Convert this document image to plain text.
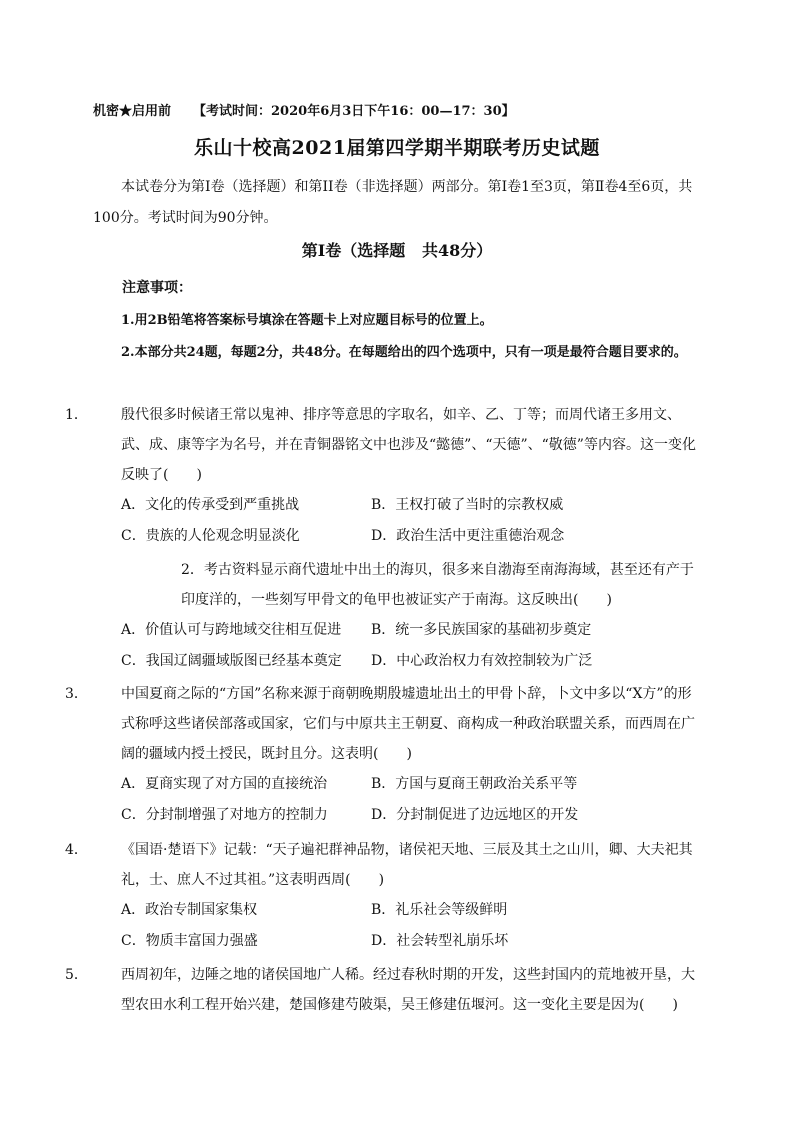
机密★启用前 【考试时间：2020年6月3日下午16：00—17：30】
乐山十校高2021届第四学期半期联考历史试题
本试卷分为第Ⅰ卷（选择题）和第II卷（非选择题）两部分。第Ⅰ卷1至3页，第Ⅱ卷4至6页，共100分。考试时间为90分钟。
第Ⅰ卷（选择题   共48分）
注意事项：
1.用2B铅笔将答案标号填涂在答题卡上对应题目标号的位置上。
2.本部分共24题，每题2分，共48分。在每题给出的四个选项中，只有一项是最符合题目要求的。
1． 殷代很多时候诸王常以鬼神、排序等意思的字取名，如辛、乙、丁等；而周代诸王多用文、武、成、康等字为名号，并在青铜器铭文中也涉及“懿德”、“天德”、“敬德”等内容。这一变化反映了(　　)
A．文化的传承受到严重挑战	B．王权打破了当时的宗教权威
C．贵族的人伦观念明显淡化	D．政治生活中更注重德治观念
2．考古资料显示商代遗址中出土的海贝，很多来自渤海至南海海域，甚至还有产于印度洋的，一些刻写甲骨文的龟甲也被证实产于南海。这反映出(　　)
A．价值认可与跨地域交往相互促进	B．统一多民族国家的基础初步奠定
C．我国辽阔疆域版图已经基本奠定	D．中心政治权力有效控制较为广泛
3． 中国夏商之际的“方国”名称来源于商朝晚期殷墟遗址出土的甲骨卜辞，卜文中多以“X方”的形式称呼这些诸侯部落或国家，它们与中原共主王朝夏、商构成一种政治联盟关系，而西周在广阔的疆域内授土授民，既封且分。这表明(　　)
A．夏商实现了对方国的直接统治	B．方国与夏商王朝政治关系平等
C．分封制增强了对地方的控制力	D．分封制促进了边远地区的开发
4． 《国语·楚语下》记载：“天子遍祀群神品物，诸侯祀天地、三辰及其土之山川，卿、大夫祀其礼，士、庶人不过其祖。”这表明西周(　　)
A．政治专制国家集权	B．礼乐社会等级鲜明
C．物质丰富国力强盛	D．社会转型礼崩乐坏
5． 西周初年，边陲之地的诸侯国地广人稀。经过春秋时期的开发，这些封国内的荒地被开垦，大型农田水利工程开始兴建，楚国修建芍陂渠，吴王修建伍堰河。这一变化主要是因为(　　)
